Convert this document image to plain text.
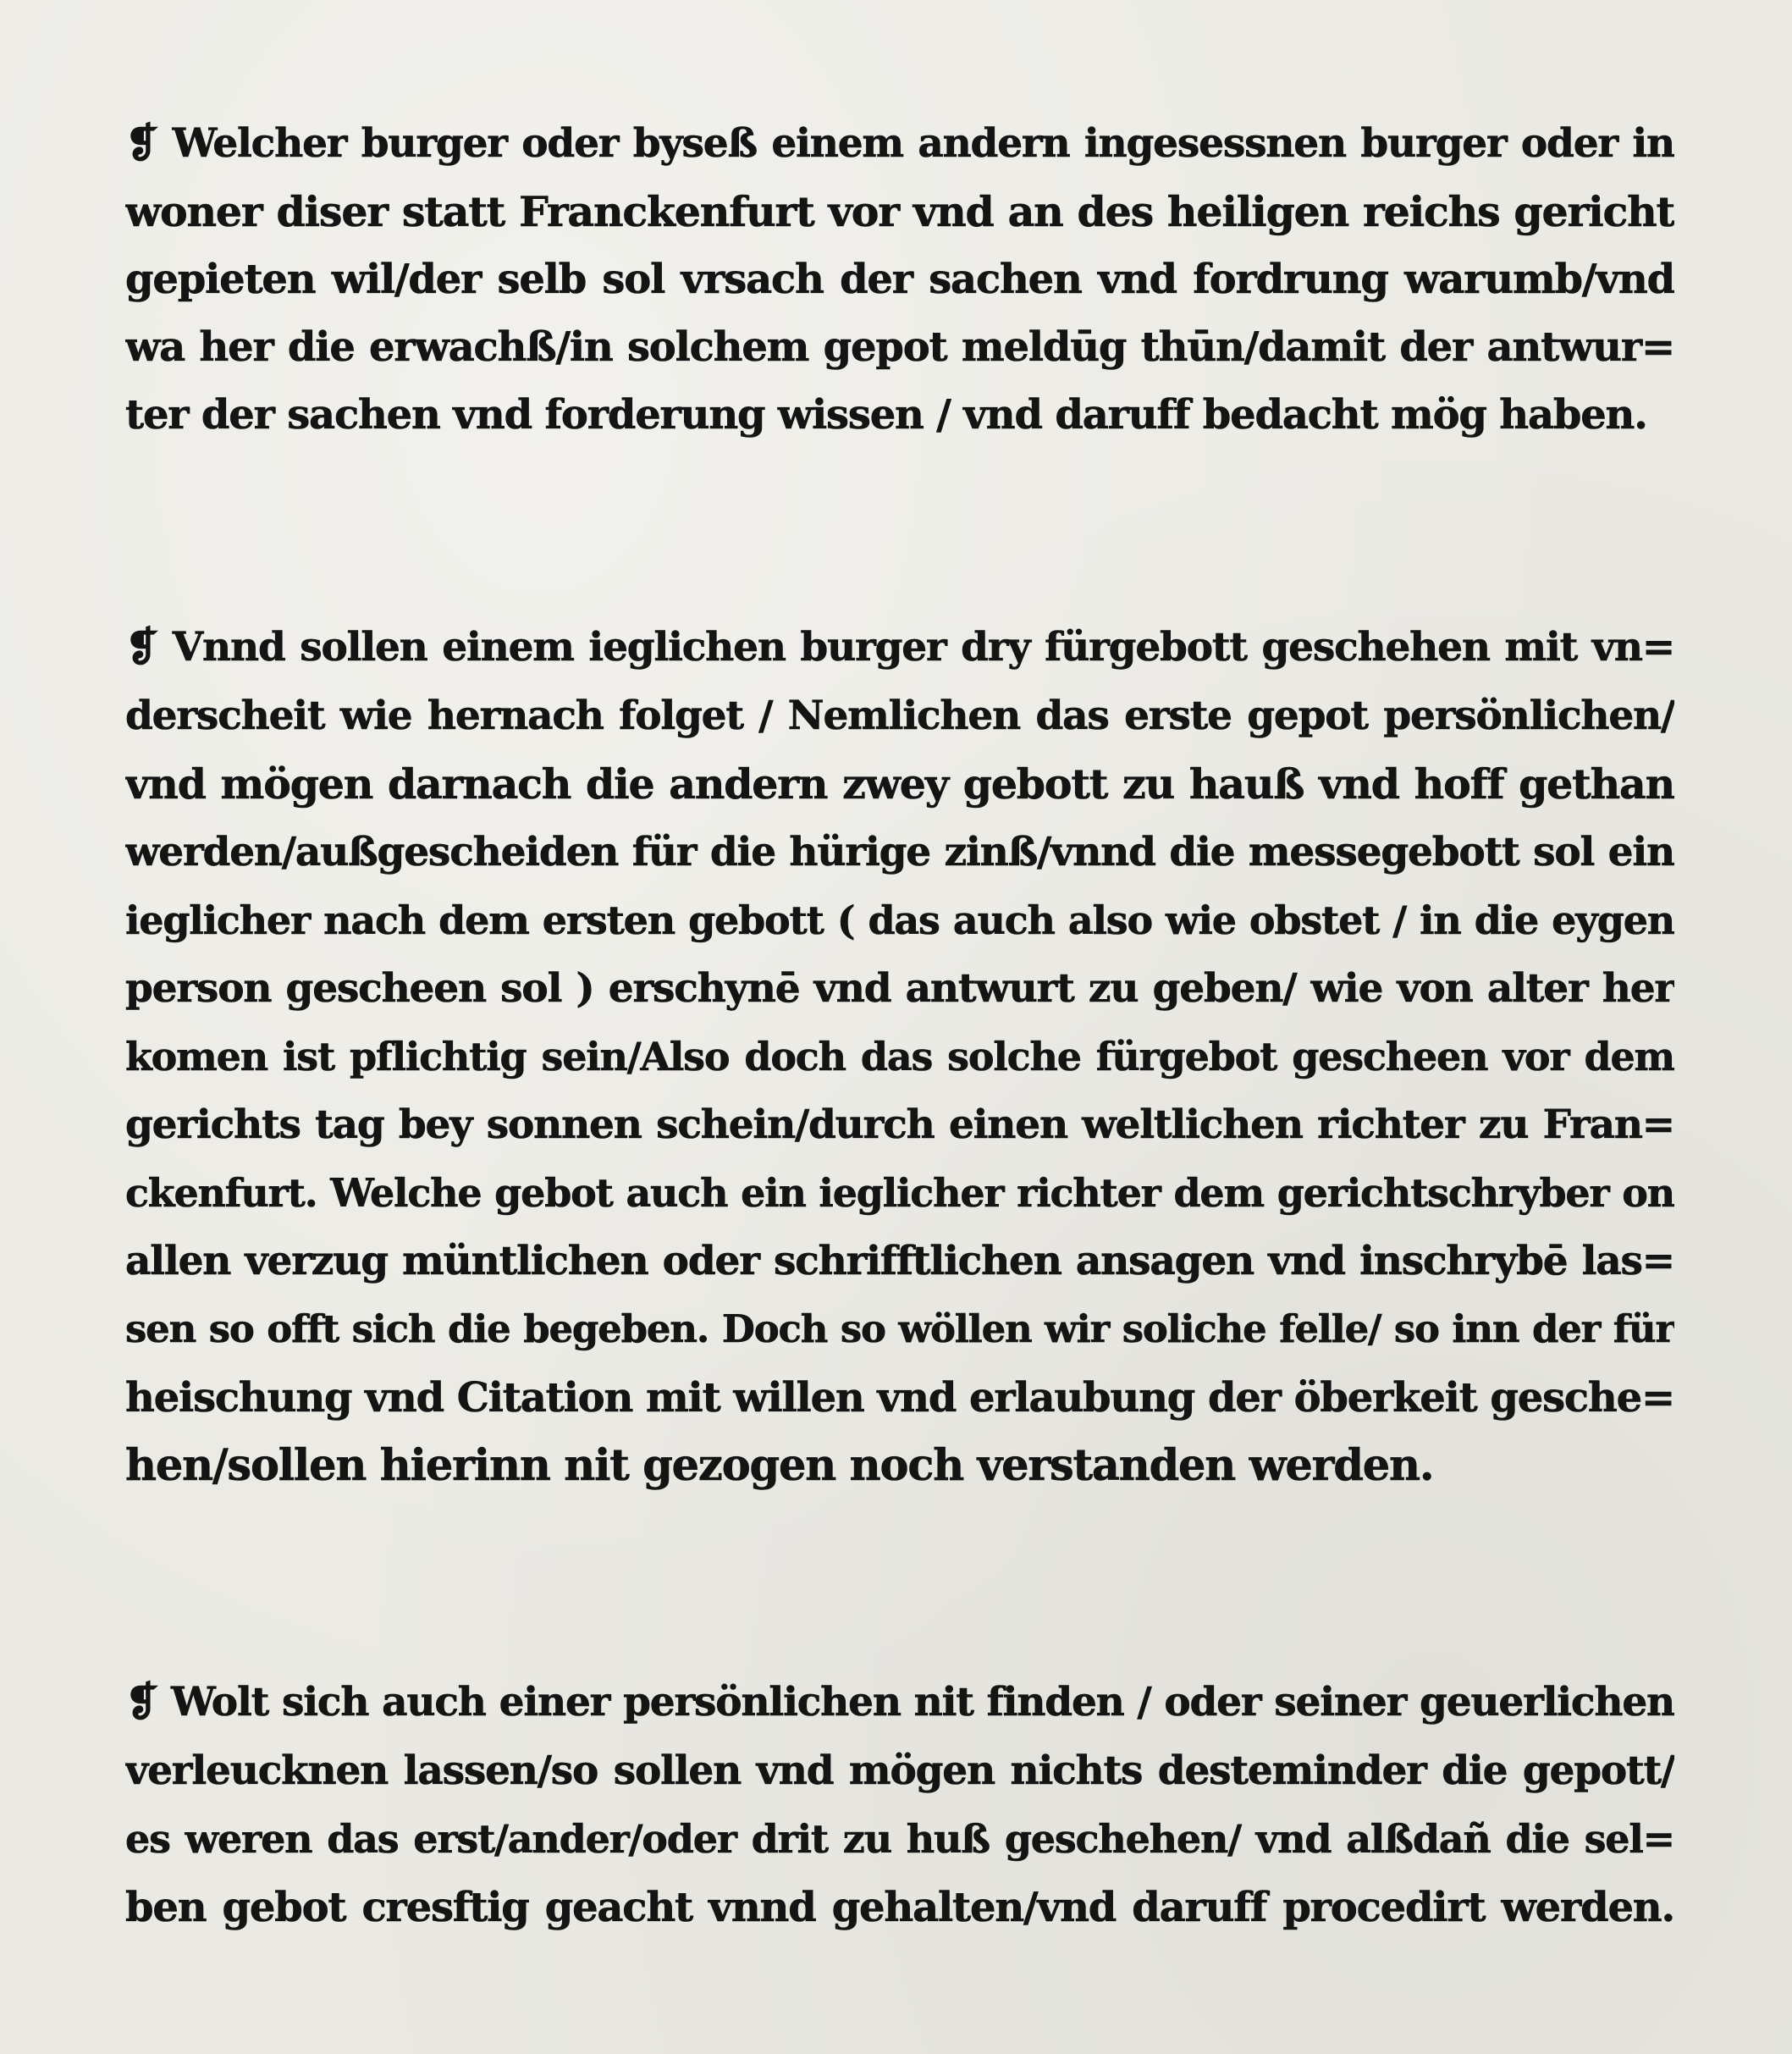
❡ Welcher burger oder byseß einem andern ingesessnen burger oder in
woner diser statt Franckenfurt vor vnd an des heiligen reichs gericht
gepieten wil/der selb sol vrsach der sachen vnd fordrung warumb/vnd
wa her die erwachß/in solchem gepot meldūg thūn/damit der antwur=
ter der sachen vnd forderung wissen / vnd daruff bedacht mög haben.
❡ Vnnd sollen einem ieglichen burger dry fürgebott geschehen mit vn=
derscheit wie hernach folget / Nemlichen das erste gepot persönlichen/
vnd mögen darnach die andern zwey gebott zu hauß vnd hoff gethan
werden/außgescheiden für die hürige zinß/vnnd die messegebott sol ein
ieglicher nach dem ersten gebott ( das auch also wie obstet / in die eygen
person gescheen sol ) erschynē vnd antwurt zu geben/ wie von alter her
komen ist pflichtig sein/Also doch das solche fürgebot gescheen vor dem
gerichts tag bey sonnen schein/durch einen weltlichen richter zu Fran=
ckenfurt. Welche gebot auch ein ieglicher richter dem gerichtschryber on
allen verzug müntlichen oder schrifftlichen ansagen vnd inschrybē las=
sen so offt sich die begeben. Doch so wöllen wir soliche felle/ so inn der für
heischung vnd Citation mit willen vnd erlaubung der öberkeit gesche=
hen/sollen hierinn nit gezogen noch verstanden werden.
❡ Wolt sich auch einer persönlichen nit finden / oder seiner geuerlichen
verleucknen lassen/so sollen vnd mögen nichts desteminder die gepott/
es weren das erst/ander/oder drit zu huß geschehen/ vnd alßdañ die sel=
ben gebot cresftig geacht vnnd gehalten/vnd daruff procedirt werden.
